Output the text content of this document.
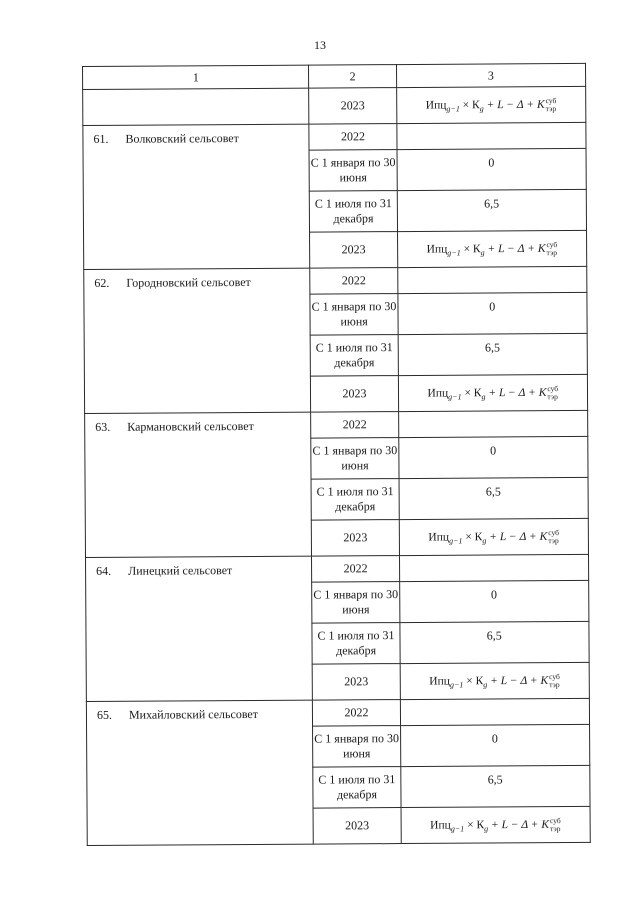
13
1	2	3
	2023	$Ипц_{g-1} \times К_g + L - \Delta + K$ суб
тэр

61. Волковский сельсовет	2022	
	С 1 января по 30 июня	0
	С 1 июля по 31 декабря	6,5
	2023	$Ипц_{g-1} \times К_g + L - \Delta + K$ суб
тэр

62. Городновский сельсовет	2022	
	С 1 января по 30 июня	0
	С 1 июля по 31 декабря	6,5
	2023	$Ипц_{g-1} \times К_g + L - \Delta + K$ суб
тэр

63. Кармановский сельсовет	2022	
	С 1 января по 30 июня	0
	С 1 июля по 31 декабря	6,5
	2023	$Ипц_{g-1} \times К_g + L - \Delta + K$ суб
тэр

64. Линецкий сельсовет	2022	
	С 1 января по 30 июня	0
	С 1 июля по 31 декабря	6,5
	2023	$Ипц_{g-1} \times К_g + L - \Delta + K$ суб
тэр

65. Михайловский сельсовет	2022	
	С 1 января по 30 июня	0
	С 1 июля по 31 декабря	6,5
	2023	$Ипц_{g-1} \times К_g + L - \Delta + K$ суб
тэр
